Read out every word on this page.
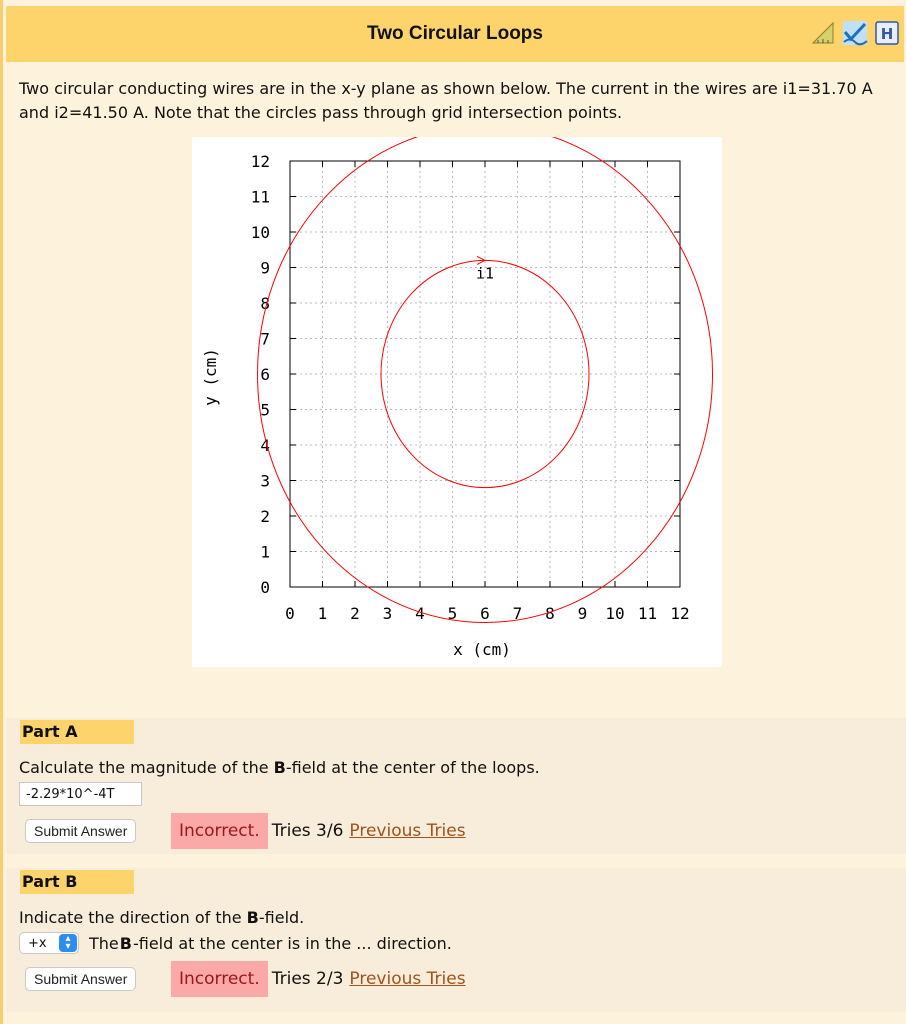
Two Circular Loops	H
Two circular conducting wires are in the x-y plane as shown below. The current in the wires are i1=31.70 A and i2=41.50 A. Note that the circles pass through grid intersection points.
0 1 2 3 4 5 6 7 8 9 10 11 12
0
1
2
3
4
5
6
7
8
9
10
11
12
i1
x (cm)
y (cm)
Part A
Calculate the magnitude of the B-field at the center of the loops.
-2.29*10^-4T
Submit Answer	Incorrect. Tries 3/6 Previous Tries
Part B
Indicate the direction of the B-field.
+x	▴
▾	The B -field at the center is in the ... direction.
Submit Answer	Incorrect. Tries 2/3 Previous Tries
